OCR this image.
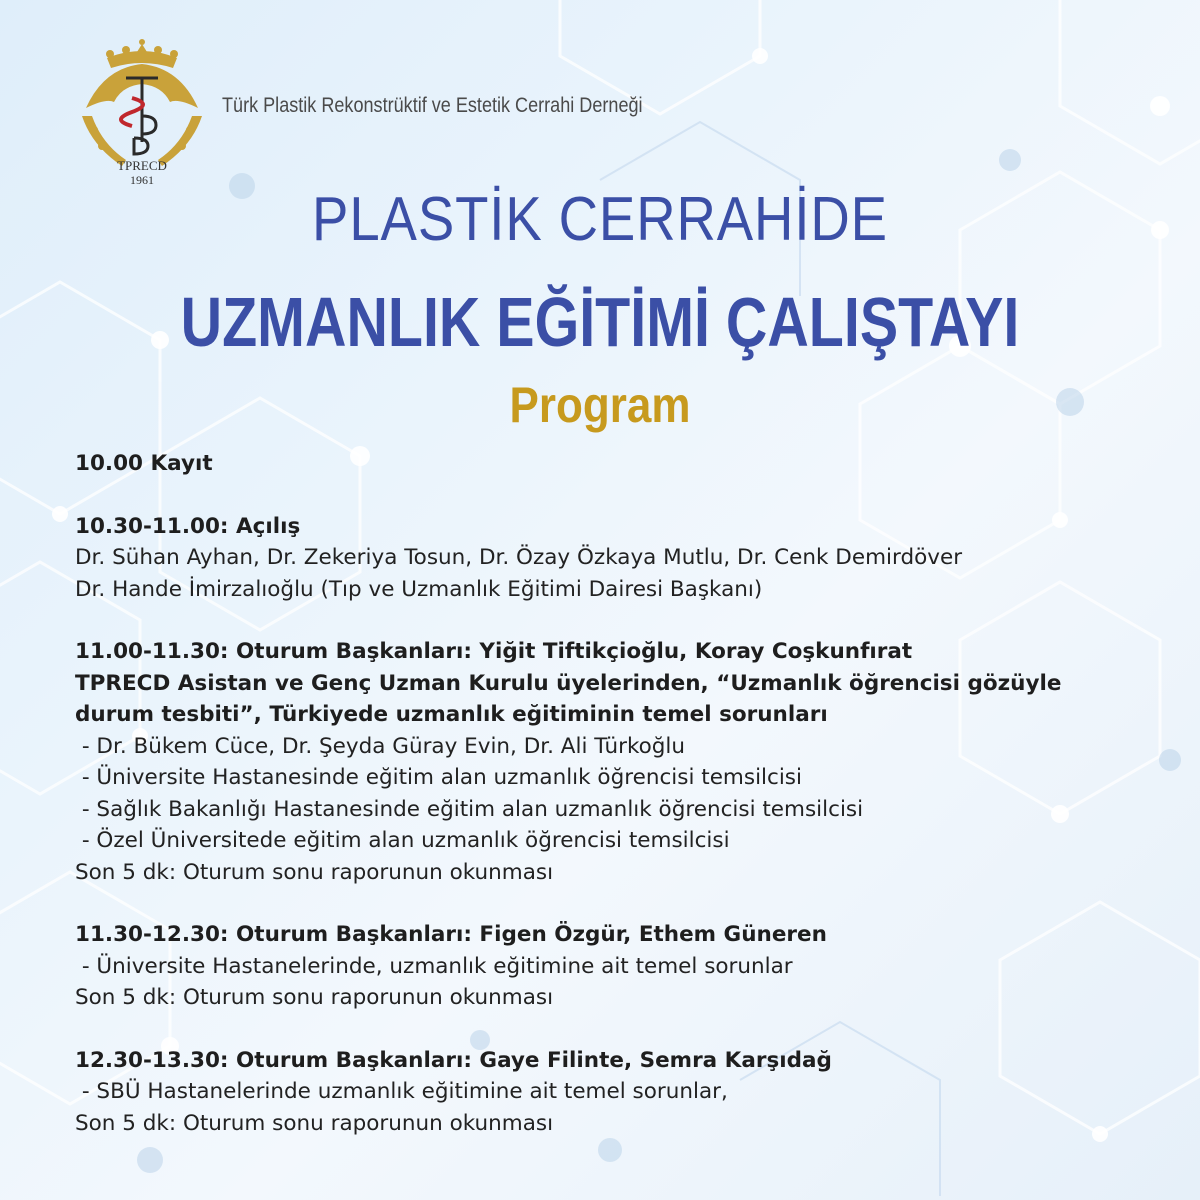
TPRECD
1961
Türk Plastik Rekonstrüktif ve Estetik Cerrahi Derneği
PLASTİK CERRAHİDE
UZMANLIK EĞİTİMİ ÇALIŞTAYI
Program
10.00 Kayıt
10.30-11.00: Açılış
Dr. Sühan Ayhan, Dr. Zekeriya Tosun, Dr. Özay Özkaya Mutlu, Dr. Cenk Demirdöver
Dr. Hande İmirzalıoğlu (Tıp ve Uzmanlık Eğitimi Dairesi Başkanı)
11.00-11.30: Oturum Başkanları: Yiğit Tiftikçioğlu, Koray Coşkunfırat
TPRECD Asistan ve Genç Uzman Kurulu üyelerinden, “Uzmanlık öğrencisi gözüyle
durum tesbiti”, Türkiyede uzmanlık eğitiminin temel sorunları
- Dr. Bükem Cüce, Dr. Şeyda Güray Evin, Dr. Ali Türkoğlu
- Üniversite Hastanesinde eğitim alan uzmanlık öğrencisi temsilcisi
- Sağlık Bakanlığı Hastanesinde eğitim alan uzmanlık öğrencisi temsilcisi
- Özel Üniversitede eğitim alan uzmanlık öğrencisi temsilcisi
Son 5 dk: Oturum sonu raporunun okunması
11.30-12.30: Oturum Başkanları: Figen Özgür, Ethem Güneren
- Üniversite Hastanelerinde, uzmanlık eğitimine ait temel sorunlar
Son 5 dk: Oturum sonu raporunun okunması
12.30-13.30: Oturum Başkanları: Gaye Filinte, Semra Karşıdağ
- SBÜ Hastanelerinde uzmanlık eğitimine ait temel sorunlar,
Son 5 dk: Oturum sonu raporunun okunması
